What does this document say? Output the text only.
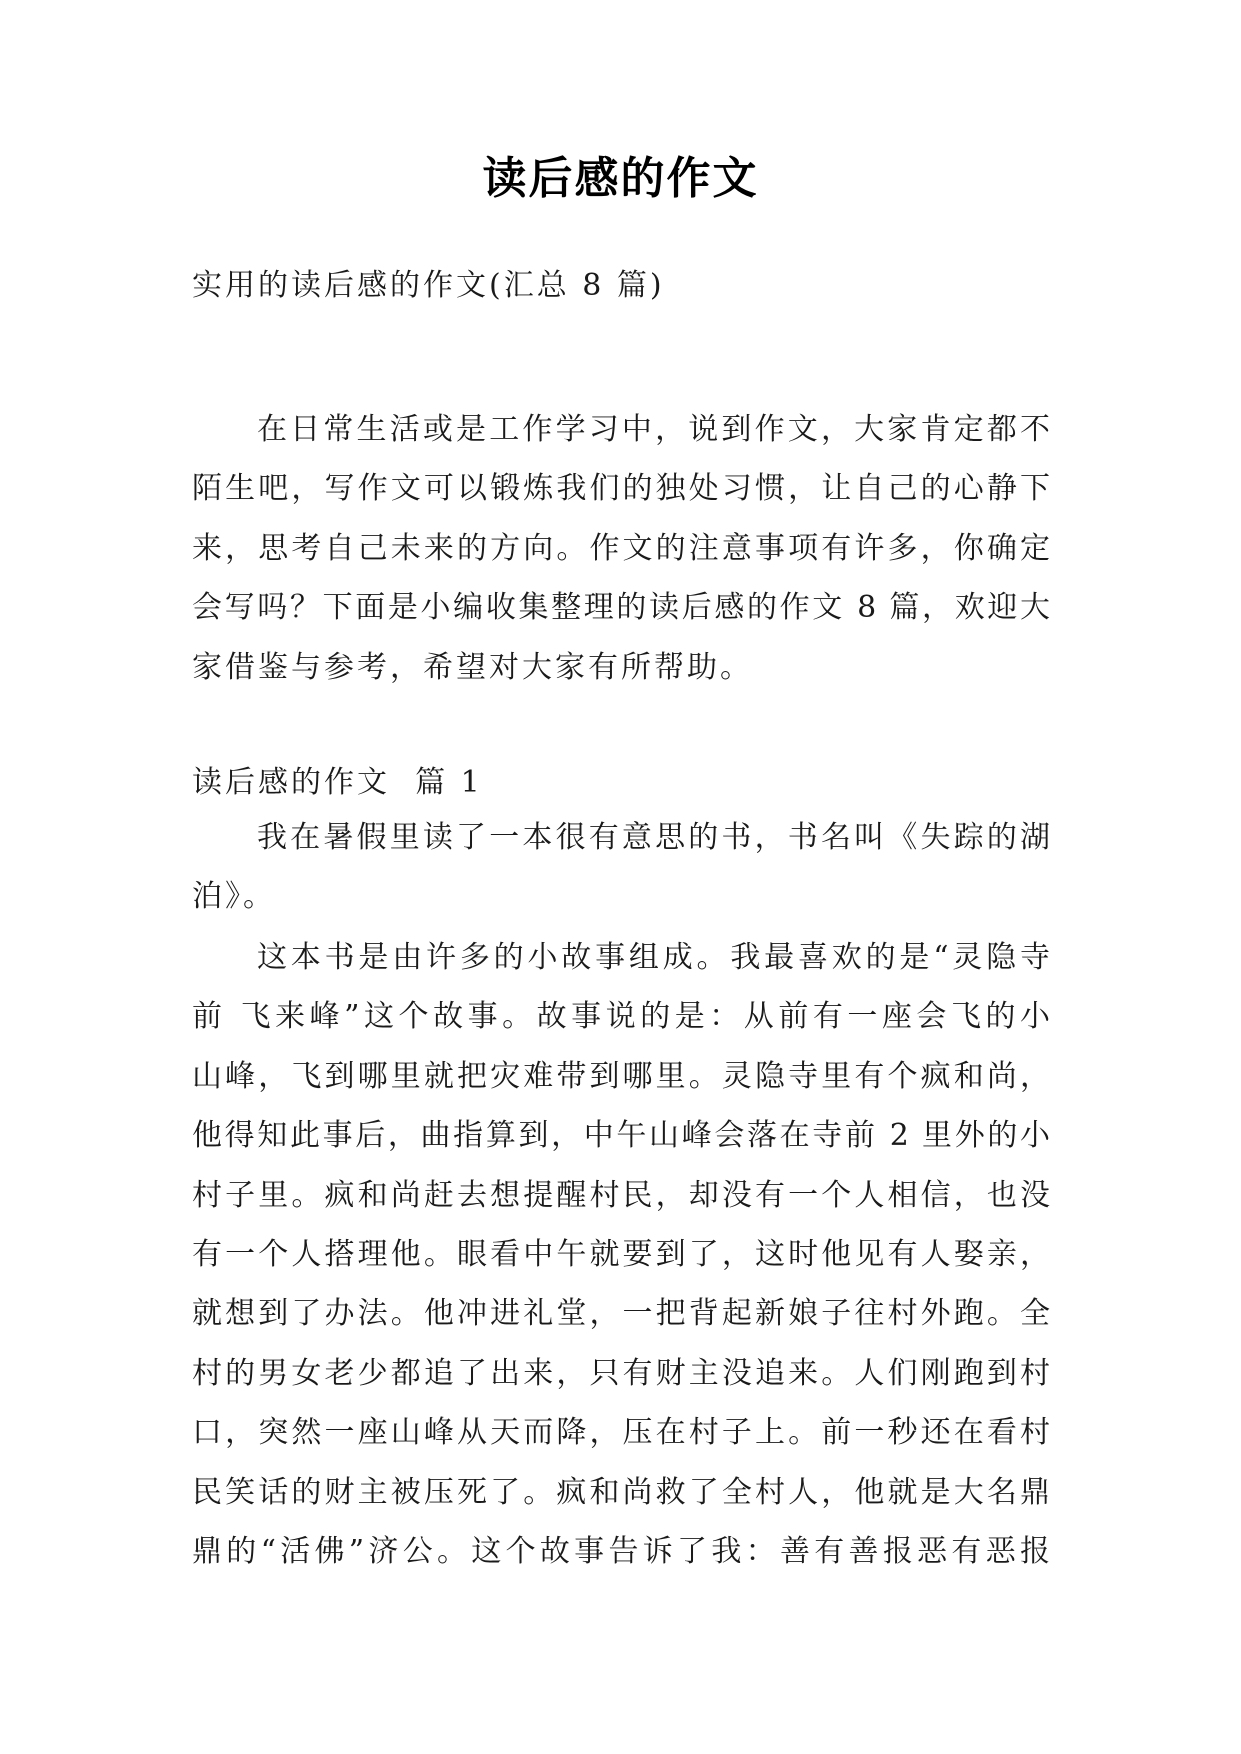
读后感的作文
实用的读后感的作文(汇总 8 篇)
在日常生活或是工作学习中，说到作文，大家肯定都不
陌生吧，写作文可以锻炼我们的独处习惯，让自己的心静下
来，思考自己未来的方向。作文的注意事项有许多，你确定
会写吗？下面是小编收集整理的读后感的作文 8 篇，欢迎大
家借鉴与参考，希望对大家有所帮助。
读后感的作文  篇 1
我在暑假里读了一本很有意思的书，书名叫《失踪的湖
泊》。
这本书是由许多的小故事组成。我最喜欢的是“灵隐寺
前 飞来峰”这个故事。故事说的是：从前有一座会飞的小
山峰，飞到哪里就把灾难带到哪里。灵隐寺里有个疯和尚，
他得知此事后，曲指算到，中午山峰会落在寺前 2 里外的小
村子里。疯和尚赶去想提醒村民，却没有一个人相信，也没
有一个人搭理他。眼看中午就要到了，这时他见有人娶亲，
就想到了办法。他冲进礼堂，一把背起新娘子往村外跑。全
村的男女老少都追了出来，只有财主没追来。人们刚跑到村
口，突然一座山峰从天而降，压在村子上。前一秒还在看村
民笑话的财主被压死了。疯和尚救了全村人，他就是大名鼎
鼎的“活佛”济公。这个故事告诉了我：善有善报恶有恶报
